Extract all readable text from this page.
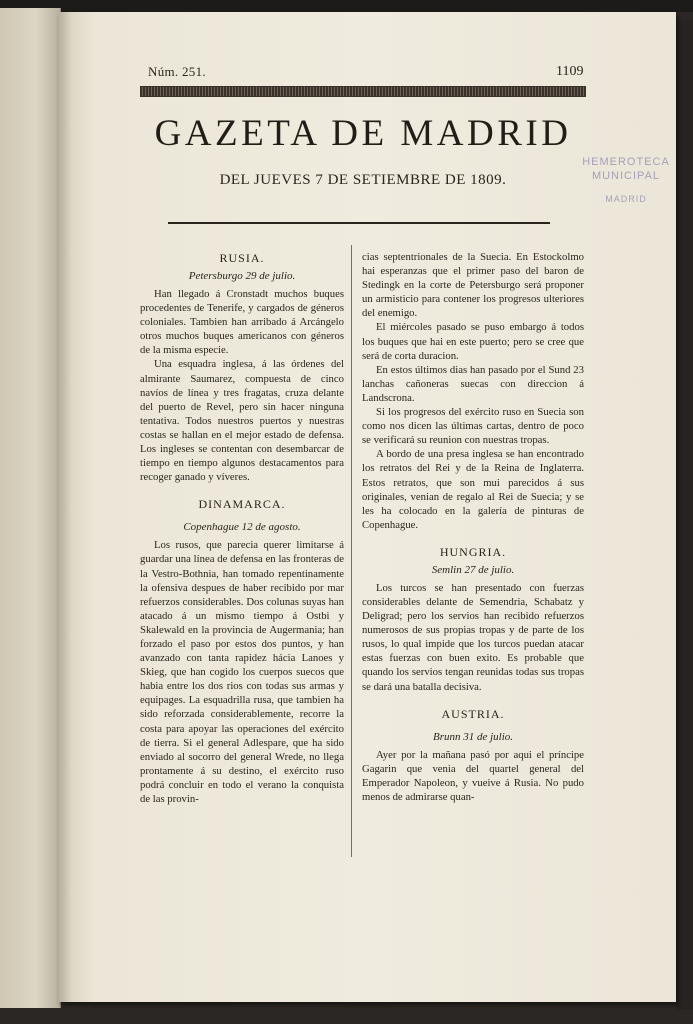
Núm. 251.	1109
GAZETA DE MADRID
DEL JUEVES 7 DE SETIEMBRE DE 1809.
HEMEROTECA
MUNICIPAL
MADRID
RUSIA.
Petersburgo 29 de julio.

Han llegado á Cronstadt muchos buques procedentes de Tenerife, y cargados de géneros coloniales. Tambien han arribado á Arcángelo otros muchos buques americanos con géneros de la misma especie.

Una esquadra inglesa, á las órdenes del almirante Saumarez, compuesta de cinco navíos de línea y tres fragatas, cruza delante del puerto de Revel, pero sin hacer ninguna tentativa. Todos nuestros puertos y nuestras costas se hallan en el mejor estado de defensa. Los ingleses se contentan con desembarcar de tiempo en tiempo algunos destacamentos para recoger ganado y víveres.

DINAMARCA.
Copenhague 12 de agosto.

Los rusos, que parecia querer limitarse á guardar una línea de defensa en las fronteras de la Vestro-Bothnia, han tomado repentinamente la ofensiva despues de haber recibido por mar refuerzos considerables. Dos colunas suyas han atacado á un mismo tiempo á Ostbi y Skalewald en la provincia de Augermania; han forzado el paso por estos dos puntos, y han avanzado con tanta rapidez hácia Lanoes y Skieg, que han cogido los cuerpos suecos que habia entre los dos rios con todas sus armas y equipages. La esquadrilla rusa, que tambien ha sido reforzada considerablemente, recorre la costa para apoyar las operaciones del exército de tierra. Si el general Adlespare, que ha sido enviado al socorro del general Wrede, no llega prontamente á su destino, el exército ruso podrá concluir en todo el verano la conquista de las provin-

cias septentrionales de la Suecia. En Estockolmo hai esperanzas que el primer paso del baron de Stedingk en la corte de Petersburgo será proponer un armisticio para contener los progresos ulteriores del enemigo.

El miércoles pasado se puso embargo á todos los buques que hai en este puerto; pero se cree que será de corta duracion.

En estos últimos dias han pasado por el Sund 23 lanchas cañoneras suecas con direccion á Landscrona.

Si los progresos del exército ruso en Suecia son como nos dicen las últimas cartas, dentro de poco se verificará su reunion con nuestras tropas.

A bordo de una presa inglesa se han encontrado los retratos del Rei y de la Reina de Inglaterra. Estos retratos, que son mui parecidos á sus originales, venian de regalo al Rei de Suecia; y se les ha colocado en la galería de pinturas de Copenhague.

HUNGRIA.
Semlin 27 de julio.

Los turcos se han presentado con fuerzas considerables delante de Semendria, Schabatz y Deligrad; pero los servios han recibido refuerzos numerosos de sus propias tropas y de parte de los rusos, lo qual impide que los turcos puedan atacar estas fuerzas con buen exito. Es probable que quando los servios tengan reunidas todas sus tropas se dará una batalla decisiva.

AUSTRIA.
Brunn 31 de julio.

Ayer por la mañana pasó por aqui el príncipe Gagarin que venia del quartel general del Emperador Napoleon, y vueive á Rusia. No pudo menos de admirarse quan-
